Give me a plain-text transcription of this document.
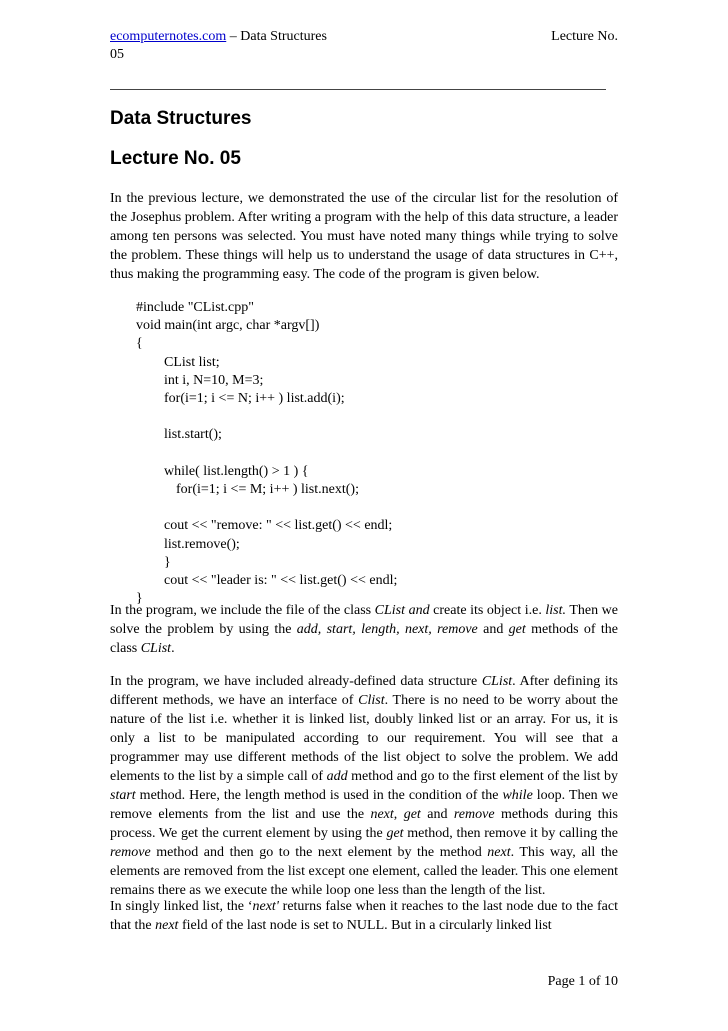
ecomputernotes.com – Data Structures	Lecture No.
05
Data Structures
Lecture No. 05

In the previous lecture, we demonstrated the use of the circular list for the resolution of the Josephus problem. After writing a program with the help of this data structure, a leader among ten persons was selected. You must have noted many things while trying to solve the problem. These things will help us to understand the usage of data structures in C++, thus making the programming easy. The code of the program is given below.

#include "CList.cpp"
void main(int argc, char *argv[])
{
CList list;
int i, N=10, M=3;
for(i=1; i <= N; i++ ) list.add(i);

list.start();

while( list.length() > 1 ) {
for(i=1; i <= M; i++ ) list.next();

cout << "remove: " << list.get() << endl;
list.remove();
}
cout << "leader is: " << list.get() << endl;
}

In the program, we include the file of the class CList and create its object i.e. list. Then we solve the problem by using the add, start, length, next, remove and get methods of the class CList.

In the program, we have included already-defined data structure CList. After defining its different methods, we have an interface of Clist. There is no need to be worry about the nature of the list i.e. whether it is linked list, doubly linked list or an array. For us, it is only a list to be manipulated according to our requirement. You will see that a programmer may use different methods of the list object to solve the problem. We add elements to the list by a simple call of add method and go to the first element of the list by start method. Here, the length method is used in the condition of the while loop. Then we remove elements from the list and use the next, get and remove methods during this process. We get the current element by using the get method, then remove it by calling the remove method and then go to the next element by the method next. This way, all the elements are removed from the list except one element, called the leader. This one element remains there as we execute the while loop one less than the length of the list.

In singly linked list, the ‘next' returns false when it reaches to the last node due to the fact that the next field of the last node is set to NULL. But in a circularly linked list

Page 1 of 10
